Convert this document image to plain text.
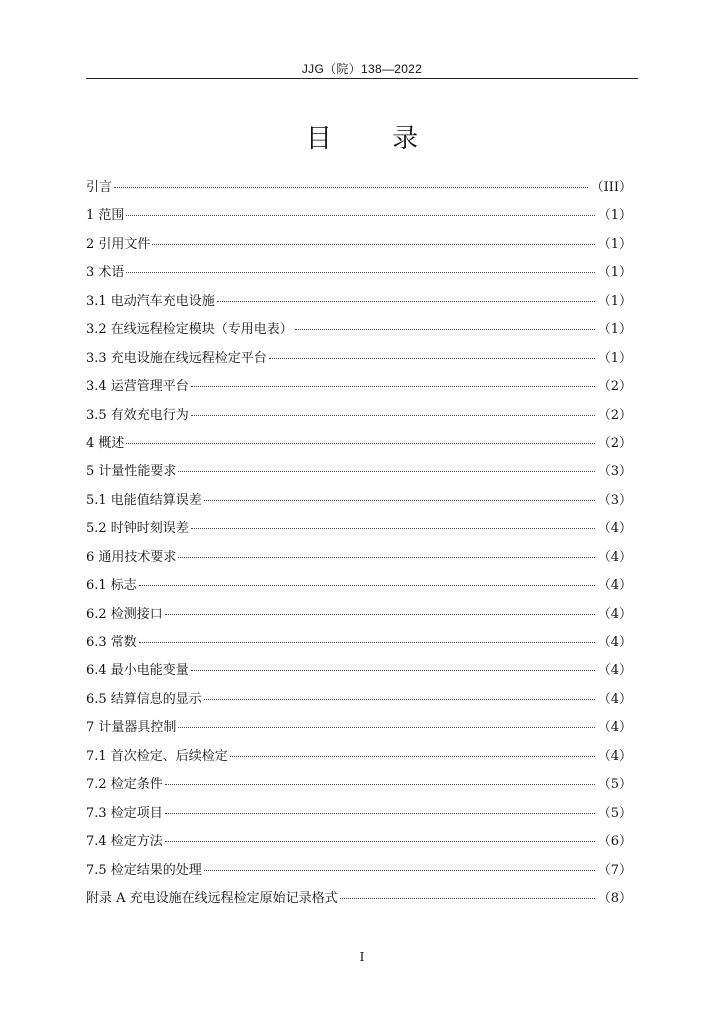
JJG（院）138—2022
目 录
引言	（III）
1 范围	（1）
2 引用文件	（1）
3 术语	（1）
3.1 电动汽车充电设施	（1）
3.2 在线远程检定模块（专用电表）	（1）
3.3 充电设施在线远程检定平台	（1）
3.4 运营管理平台	（2）
3.5 有效充电行为	（2）
4 概述	（2）
5 计量性能要求	（3）
5.1 电能值结算误差	（3）
5.2 时钟时刻误差	（4）
6 通用技术要求	（4）
6.1 标志	（4）
6.2 检测接口	（4）
6.3 常数	（4）
6.4 最小电能变量	（4）
6.5 结算信息的显示	（4）
7 计量器具控制	（4）
7.1 首次检定、后续检定	（4）
7.2 检定条件	（5）
7.3 检定项目	（5）
7.4 检定方法	（6）
7.5 检定结果的处理	（7）
附录 A 充电设施在线远程检定原始记录格式	（8）
I
